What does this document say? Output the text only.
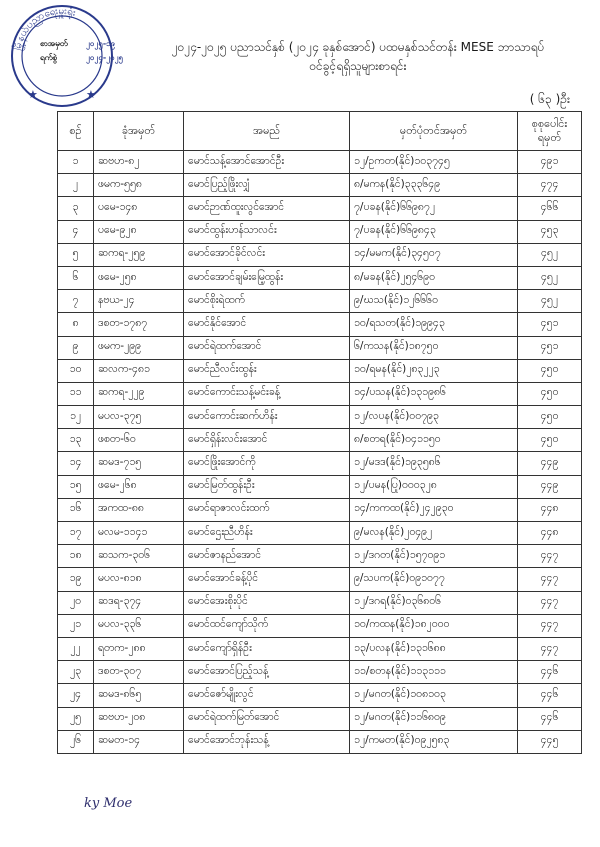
မြို့နယ်ပညာရေးမှူးရုံး
★	★
စာအမှတ် ၂၀၂၅-၁၉
ရက်စွဲ	၂၀၂၄-၂၀၂၅
၂၀၂၄-၂၀၂၅ ပညာသင်နှစ် (၂၀၂၄ ခုနှစ်အောင်) ပထမနှစ်သင်တန်း MESE ဘာသာရပ်
ဝင်ခွင့်ရရှိသူများစာရင်း
( ၆၃ )ဦး
စဉ်	ခုံအမှတ်	အမည်	မှတ်ပုံတင်အမှတ်	စုစုပေါင်း
ရမှတ်
၁	ဆဗဟ-၈၂	မောင်သန့်အောင်အောင်ဦး	၁၂/ဥကတ(နိုင်)၁၀၃၇၄၅	၄၉၁
၂	ဖမက-၅၅၈	မောင်ပြည့်ဖြိုးလျှံ	၈/မကန(နိုင်)၃၃၃၆၄၉	၄၇၄
၃	ပမေ-၁၄၈	မောင်ဉာဏ်ထူးလွင်အောင်	၇/ပခန(နိုင်)၆၆၉၈၇၂	၄၆၆
၄	ပမေ-၉၂၈	မောင်ထွန်းဟန်သာလင်း	၇/ပခန(နိုင်)၆၆၉၈၄၃	၄၅၃
၅	ဆကရ-၂၅၉	မောင်အောင်ခိုင်လင်း	၁၄/မမက(နိုင်)၃၄၅၀၇	၄၅၂
၆	ဖမေ-၂၅၈	မောင်အောင်ချမ်းမြေ့ထွန်း	၈/မခန(နိုင်)၂၅၄၆၉၀	၄၅၂
၇	နဗယ-၂၄	မောင်စိုးရဲထက်	၉/ဃသ(နိုင်)၁၂၆၆၆၀	၄၅၂
၈	ဒစတ-၁၇၈၇	မောင်နိုင်အောင်	၁၀/ရသတ(နိုင်)၁၉၉၄၃	၄၅၁
၉	ဖမက-၂၉၉	မောင်ရဲထက်အောင်	၆/ကသန(နိုင်)၁၈၇၅၀	၄၅၁
၁၀	ဆလက-၄၈၁	မောင်ညီလင်းထွန်း	၁၀/ရမန(နိုင်)၂၈၃၂၂၃	၄၅၀
၁၁	ဆကရ-၂၂၉	မောင်ကောင်းသန့်မင်းခန့်	၁၄/ပသန(နိုင်)၁၃၁၉၈၆	၄၅၀
၁၂	မပလ-၃၇၅	မောင်ကောင်းဆက်ဟိန်း	၁၂/လပန(နိုင်)၀၀၇၉၃	၄၅၀
၁၃	ဖစတ-၆၀	မောင်ရှိန်းလင်းအောင်	၈/စတရ(နိုင်)၀၄၁၁၅၀	၄၅၀
၁၄	ဆမဒ-၇၁၅	မောင်ဖြိုးအောင်ကို	၁၂/မဒဒ(နိုင်)၁၉၃၅၈၆	၄၄၉
၁၅	ဖမေ-၂၆၈	မောင်မြတ်ထွန်းဦး	၁၂/ပမန(ပြု)၀၀၀၃၂၈	၄၄၉
၁၆	အကထ-၈၈	မောင်ရာဇာလင်းထက်	၁၄/ကကထ(နိုင်)၂၄၂၉၃၀	၄၄၈
၁၇	မလမ-၁၁၄၁	မောင်ဌေးညီဟိန်း	၉/မလန(နိုင်)၂၀၄၉၂	၄၄၈
၁၈	ဆသက-၃၀၆	မောင်ဇာနည်အောင်	၁၂/ဒဂတ(နိုင်)၁၅၇၀၉၁	၄၄၇
၁၉	မပလ-၈၁၈	မောင်အောင်ခန့်ပိုင်	၉/သပက(နိုင်)၀၉၁၀၇၇	၄၄၇
၂၀	ဆဒရ-၃၇၄	မောင်အေးစိုးပိုင်	၁၂/ဒဂရ(နိုင်)၀၃၆၈၀၆	၄၄၇
၂၁	မပလ-၃၃၆	မောင်ထင်ကျော်သိုက်	၁၀/ကထန(နိုင်)၁၈၂၀၀၀	၄၄၇
၂၂	ရတက-၂၈၈	မောင်ကျော်ရှိန်ဦး	၁၃/ပလန(နိုင်)၁၃၁၆၈၈	၄၄၇
၂၃	ဒစတ-၃၀၇	မောင်အောင်ပြည့်သန့်	၁၁/စတန(နိုင်)၁၁၃၁၁၁	၄၄၆
၂၄	ဆမဒ-၈၆၅	မောင်ဇော်မျိုးလွင်	၁၂/မဂတ(နိုင်)၁၀၈၁၀၃	၄၄၆
၂၅	ဆဗဟ-၂၀၈	မောင်ရဲထက်မြတ်အောင်	၁၂/မဂတ(နိုင်)၁၁၆၈၀၉	၄၄၆
၂၆	ဆမတ-၁၄	မောင်အောင်ဘုန်းသန့်	၁၂/ကမတ(နိုင်)၀၉၂၅၈၃	၄၄၅
ky Moe
